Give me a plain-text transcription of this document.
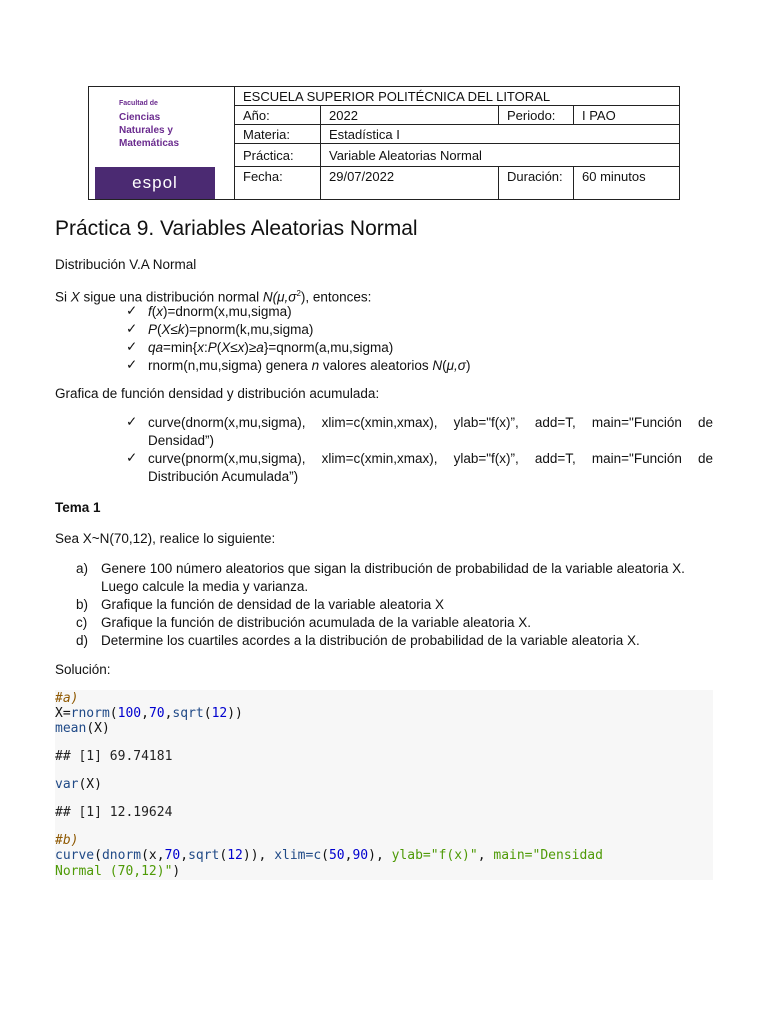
Facultad de
Ciencias
Naturales y
Matemáticas
espol
ESCUELA SUPERIOR POLITÉCNICA DEL LITORAL
Año:	2022	Periodo:	I PAO
Materia:	Estadística I
Práctica:	Variable Aleatorias Normal
Fecha:	29/07/2022	Duración:	60 minutos
Práctica 9. Variables Aleatorias Normal
Distribución V.A Normal
Si X sigue una distribución normal $N(\mu,\sigma^2)$, entonces:
✓ f(x)=dnorm(x,mu,sigma)
✓ P(X≤k)=pnorm(k,mu,sigma)
✓ qa=min{x:P(X≤x)≥a}=qnorm(a,mu,sigma)
✓ rnorm(n,mu,sigma) genera n valores aleatorios N(μ,σ)
Grafica de función densidad y distribución acumulada:
✓ curve(dnorm(x,mu,sigma), xlim=c(xmin,xmax), ylab="f(x)”, add=T, main="Función de
Densidad”)
✓ curve(pnorm(x,mu,sigma), xlim=c(xmin,xmax), ylab="f(x)”, add=T, main="Función de
Distribución Acumulada”)
Tema 1
Sea X~N(70,12), realice lo siguiente:
a) Genere 100 número aleatorios que sigan la distribución de probabilidad de la variable aleatoria X.
Luego calcule la media y varianza.
b) Grafique la función de densidad de la variable aleatoria X
c) Grafique la función de distribución acumulada de la variable aleatoria X.
d) Determine los cuartiles acordes a la distribución de probabilidad de la variable aleatoria X.
Solución:
#a)
X=rnorm(100,70,sqrt(12))
mean(X)
## [1] 69.74181
var(X)
## [1] 12.19624
#b)
curve(dnorm(x,70,sqrt(12)), xlim=c(50,90), ylab="f(x)", main="Densidad
Normal (70,12)")
